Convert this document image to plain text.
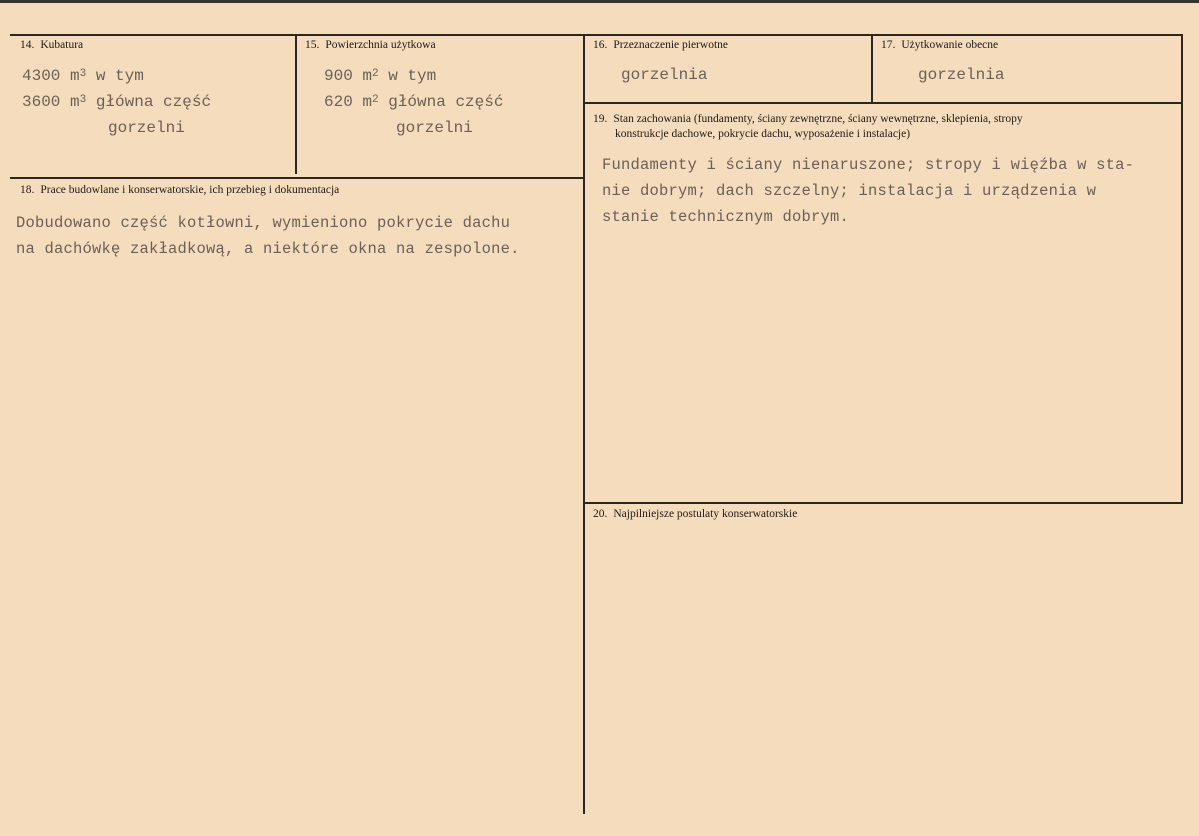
14. Kubatura
4300 $m^3$ w tym
3600 $m^3$ główna część
gorzelni
15. Powierzchnia użytkowa
900 $m^2$ w tym
620 $m^2$ główna część
gorzelni
16. Przeznaczenie pierwotne
gorzelnia
17. Użytkowanie obecne
gorzelnia
18. Prace budowlane i konserwatorskie, ich przebieg i dokumentacja
Dobudowano część kotłowni, wymieniono pokrycie dachu
na dachówkę zakładkową, a niektóre okna na zespolone.
19. Stan zachowania (fundamenty, ściany zewnętrzne, ściany wewnętrzne, sklepienia, stropy
konstrukcje dachowe, pokrycie dachu, wyposażenie i instalacje)
Fundamenty i ściany nienaruszone; stropy i więźba w sta-
nie dobrym; dach szczelny; instalacja i urządzenia w
stanie technicznym dobrym.
20. Najpilniejsze postulaty konserwatorskie
